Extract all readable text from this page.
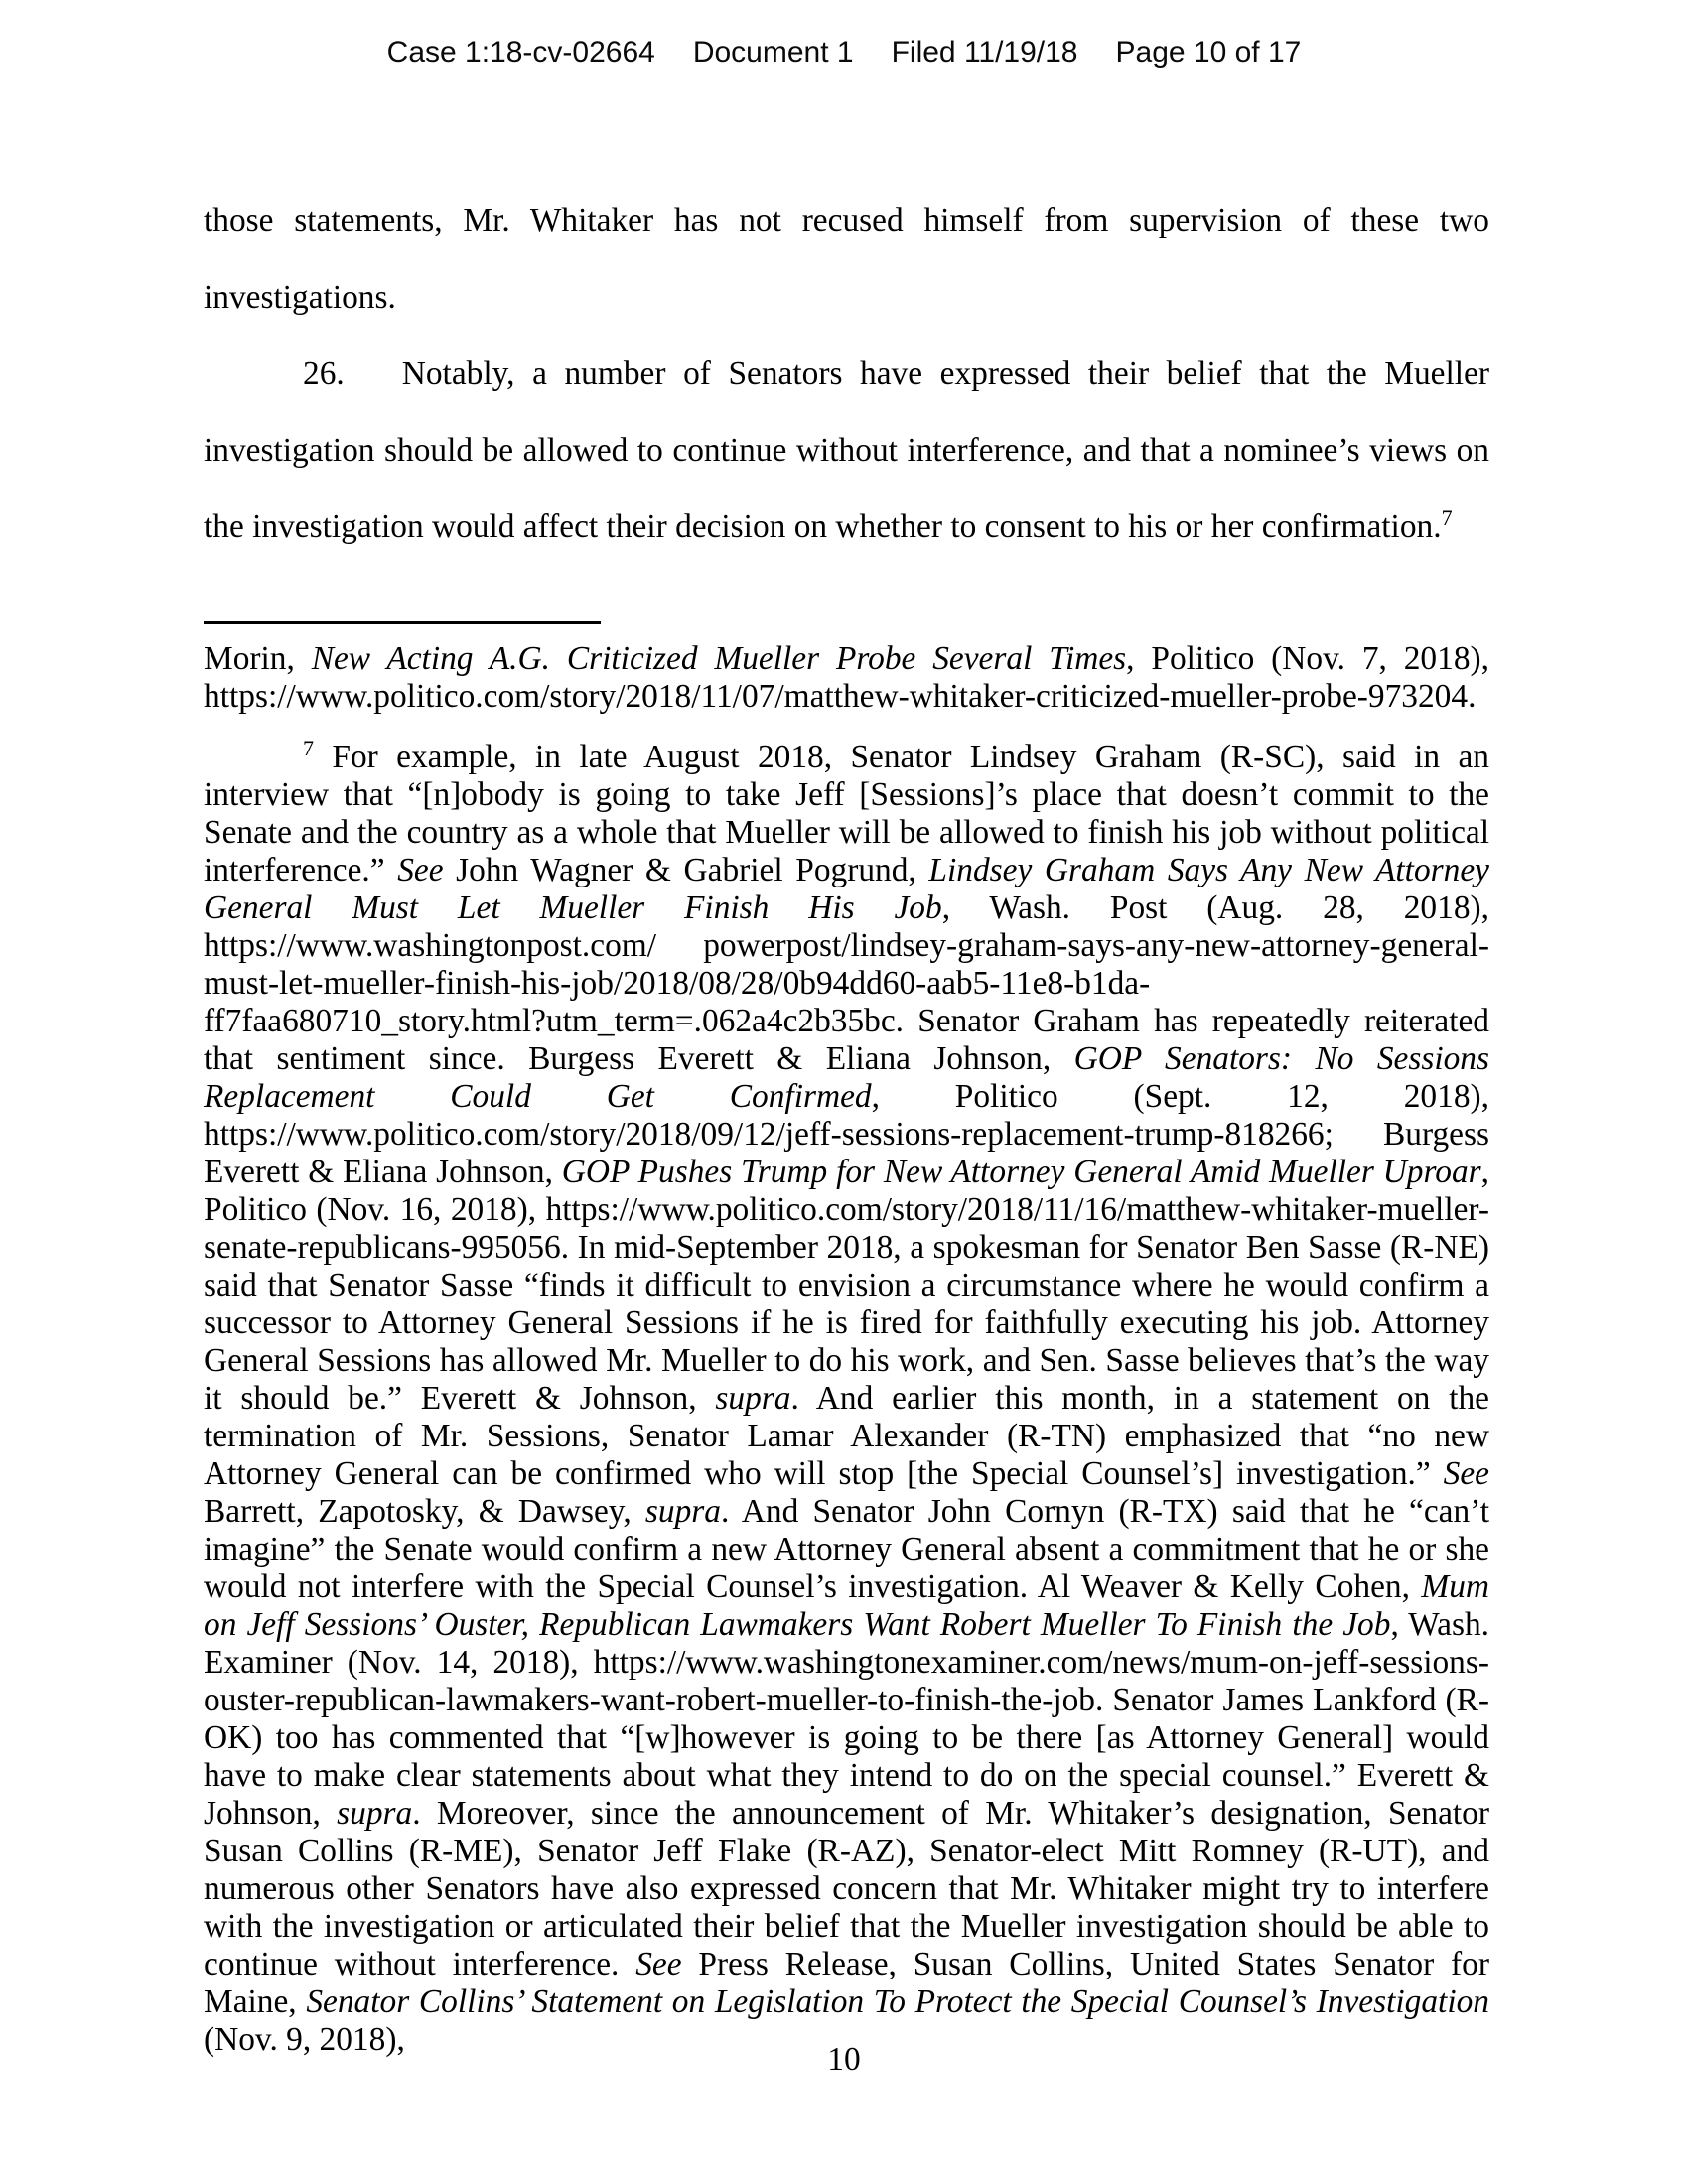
Case 1:18-cv-02664 Document 1 Filed 11/19/18 Page 10 of 17

those statements, Mr. Whitaker has not recused himself from supervision of these two investigations.

26. Notably, a number of Senators have expressed their belief that the Mueller investigation should be allowed to continue without interference, and that a nominee’s views on the investigation would affect their decision on whether to consent to his or her confirmation.$^7$

Morin, New Acting A.G. Criticized Mueller Probe Several Times, Politico (Nov. 7, 2018), https://www.politico.com/story/2018/11/07/matthew-whitaker-criticized-mueller-probe-973204.

$^7$ For example, in late August 2018, Senator Lindsey Graham (R-SC), said in an interview that “[n]obody is going to take Jeff [Sessions]’s place that doesn’t commit to the Senate and the country as a whole that Mueller will be allowed to finish his job without political interference.” See John Wagner & Gabriel Pogrund, Lindsey Graham Says Any New Attorney General Must Let Mueller Finish His Job, Wash. Post (Aug. 28, 2018), https://www.washingtonpost.com/ powerpost/lindsey-graham-says-any-new-attorney-general-must-let-mueller-finish-his-job/2018/08/28/0b94dd60-aab5-11e8-b1da-ff7faa680710_story.html?utm_term=.062a4c2b35bc. Senator Graham has repeatedly reiterated that sentiment since. Burgess Everett & Eliana Johnson, GOP Senators: No Sessions Replacement Could Get Confirmed, Politico (Sept. 12, 2018), https://www.politico.com/story/2018/09/12/jeff-sessions-replacement-trump-818266; Burgess Everett & Eliana Johnson, GOP Pushes Trump for New Attorney General Amid Mueller Uproar, Politico (Nov. 16, 2018), https://www.politico.com/story/2018/11/16/matthew-whitaker-mueller-senate-republicans-995056. In mid-September 2018, a spokesman for Senator Ben Sasse (R-NE) said that Senator Sasse “finds it difficult to envision a circumstance where he would confirm a successor to Attorney General Sessions if he is fired for faithfully executing his job. Attorney General Sessions has allowed Mr. Mueller to do his work, and Sen. Sasse believes that’s the way it should be.” Everett & Johnson, supra. And earlier this month, in a statement on the termination of Mr. Sessions, Senator Lamar Alexander (R-TN) emphasized that “no new Attorney General can be confirmed who will stop [the Special Counsel’s] investigation.” See Barrett, Zapotosky, & Dawsey, supra. And Senator John Cornyn (R-TX) said that he “can’t imagine” the Senate would confirm a new Attorney General absent a commitment that he or she would not interfere with the Special Counsel’s investigation. Al Weaver & Kelly Cohen, Mum on Jeff Sessions’ Ouster, Republican Lawmakers Want Robert Mueller To Finish the Job, Wash. Examiner (Nov. 14, 2018), https://www.washingtonexaminer.com/news/mum-on-jeff-sessions-ouster-republican-lawmakers-want-robert-mueller-to-finish-the-job. Senator James Lankford (R-OK) too has commented that “[w]however is going to be there [as Attorney General] would have to make clear statements about what they intend to do on the special counsel.” Everett & Johnson, supra. Moreover, since the announcement of Mr. Whitaker’s designation, Senator Susan Collins (R-ME), Senator Jeff Flake (R-AZ), Senator-elect Mitt Romney (R-UT), and numerous other Senators have also expressed concern that Mr. Whitaker might try to interfere with the investigation or articulated their belief that the Mueller investigation should be able to continue without interference. See Press Release, Susan Collins, United States Senator for Maine, Senator Collins’ Statement on Legislation To Protect the Special Counsel’s Investigation (Nov. 9, 2018),

10
